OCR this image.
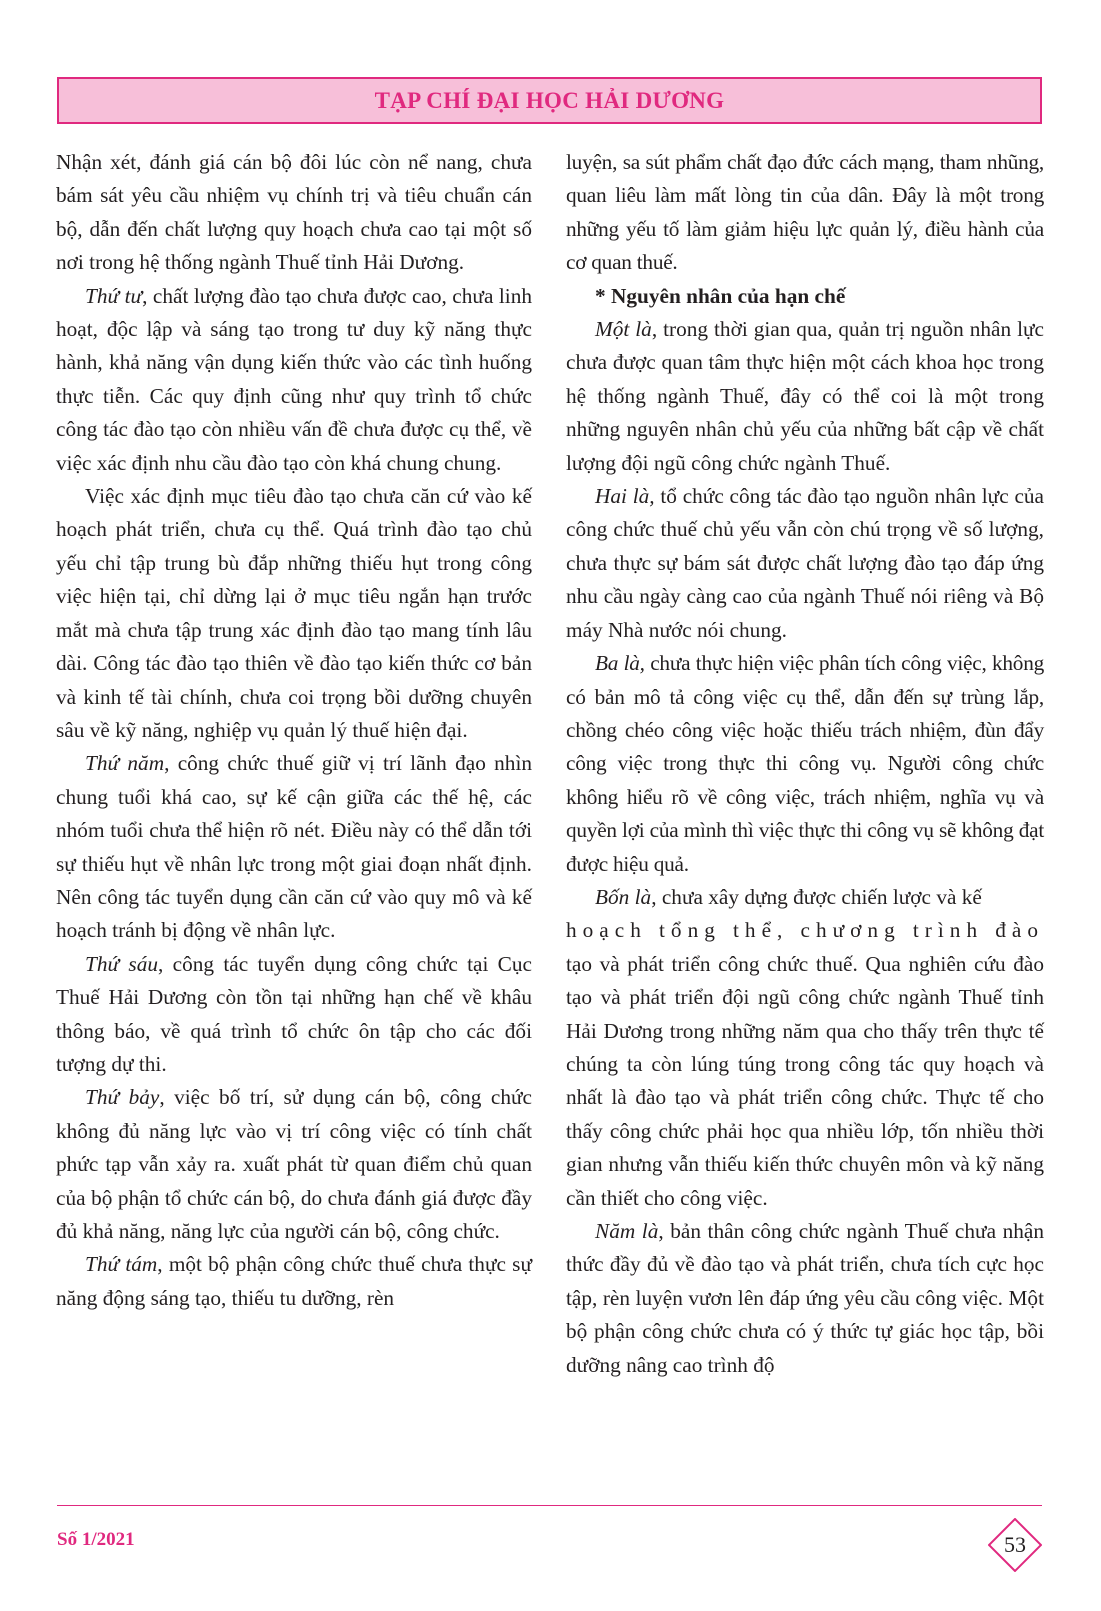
TẠP CHÍ ĐẠI HỌC HẢI DƯƠNG

Nhận xét, đánh giá cán bộ đôi lúc còn nể nang, chưa bám sát yêu cầu nhiệm vụ chính trị và tiêu chuẩn cán bộ, dẫn đến chất lượng quy hoạch chưa cao tại một số nơi trong hệ thống ngành Thuế tỉnh Hải Dương.

Thứ tư, chất lượng đào tạo chưa được cao, chưa linh hoạt, độc lập và sáng tạo trong tư duy kỹ năng thực hành, khả năng vận dụng kiến thức vào các tình huống thực tiễn. Các quy định cũng như quy trình tổ chức công tác đào tạo còn nhiều vấn đề chưa được cụ thể, về việc xác định nhu cầu đào tạo còn khá chung chung.

Việc xác định mục tiêu đào tạo chưa căn cứ vào kế hoạch phát triển, chưa cụ thể. Quá trình đào tạo chủ yếu chỉ tập trung bù đắp những thiếu hụt trong công việc hiện tại, chỉ dừng lại ở mục tiêu ngắn hạn trước mắt mà chưa tập trung xác định đào tạo mang tính lâu dài. Công tác đào tạo thiên về đào tạo kiến thức cơ bản và kinh tế tài chính, chưa coi trọng bồi dưỡng chuyên sâu về kỹ năng, nghiệp vụ quản lý thuế hiện đại.

Thứ năm, công chức thuế giữ vị trí lãnh đạo nhìn chung tuổi khá cao, sự kế cận giữa các thế hệ, các nhóm tuổi chưa thể hiện rõ nét. Điều này có thể dẫn tới sự thiếu hụt về nhân lực trong một giai đoạn nhất định. Nên công tác tuyển dụng cần căn cứ vào quy mô và kế hoạch tránh bị động về nhân lực.

Thứ sáu, công tác tuyển dụng công chức tại Cục Thuế Hải Dương còn tồn tại những hạn chế về khâu thông báo, về quá trình tổ chức ôn tập cho các đối tượng dự thi.

Thứ bảy, việc bố trí, sử dụng cán bộ, công chức không đủ năng lực vào vị trí công việc có tính chất phức tạp vẫn xảy ra. xuất phát từ quan điểm chủ quan của bộ phận tổ chức cán bộ, do chưa đánh giá được đầy đủ khả năng, năng lực của người cán bộ, công chức.

Thứ tám, một bộ phận công chức thuế chưa thực sự năng động sáng tạo, thiếu tu dưỡng, rèn

luyện, sa sút phẩm chất đạo đức cách mạng, tham nhũng, quan liêu làm mất lòng tin của dân. Đây là một trong những yếu tố làm giảm hiệu lực quản lý, điều hành của cơ quan thuế.

* Nguyên nhân của hạn chế

Một là, trong thời gian qua, quản trị nguồn nhân lực chưa được quan tâm thực hiện một cách khoa học trong hệ thống ngành Thuế, đây có thể coi là một trong những nguyên nhân chủ yếu của những bất cập về chất lượng đội ngũ công chức ngành Thuế.

Hai là, tổ chức công tác đào tạo nguồn nhân lực của công chức thuế chủ yếu vẫn còn chú trọng về số lượng, chưa thực sự bám sát được chất lượng đào tạo đáp ứng nhu cầu ngày càng cao của ngành Thuế nói riêng và Bộ máy Nhà nước nói chung.

Ba là, chưa thực hiện việc phân tích công việc, không có bản mô tả công việc cụ thể, dẫn đến sự trùng lắp, chồng chéo công việc hoặc thiếu trách nhiệm, đùn đẩy công việc trong thực thi công vụ. Người công chức không hiểu rõ về công việc, trách nhiệm, nghĩa vụ và quyền lợi của mình thì việc thực thi công vụ sẽ không đạt được hiệu quả.

Bốn là, chưa xây dựng được chiến lược và kế

hoạch tổng thể, chương trình đào

tạo và phát triển công chức thuế. Qua nghiên cứu đào tạo và phát triển đội ngũ công chức ngành Thuế tỉnh Hải Dương trong những năm qua cho thấy trên thực tế chúng ta còn lúng túng trong công tác quy hoạch và nhất là đào tạo và phát triển công chức. Thực tế cho thấy công chức phải học qua nhiều lớp, tốn nhiều thời gian nhưng vẫn thiếu kiến thức chuyên môn và kỹ năng cần thiết cho công việc.

Năm là, bản thân công chức ngành Thuế chưa nhận thức đầy đủ về đào tạo và phát triển, chưa tích cực học tập, rèn luyện vươn lên đáp ứng yêu cầu công việc. Một bộ phận công chức chưa có ý thức tự giác học tập, bồi dưỡng nâng cao trình độ

Số 1/2021	53
